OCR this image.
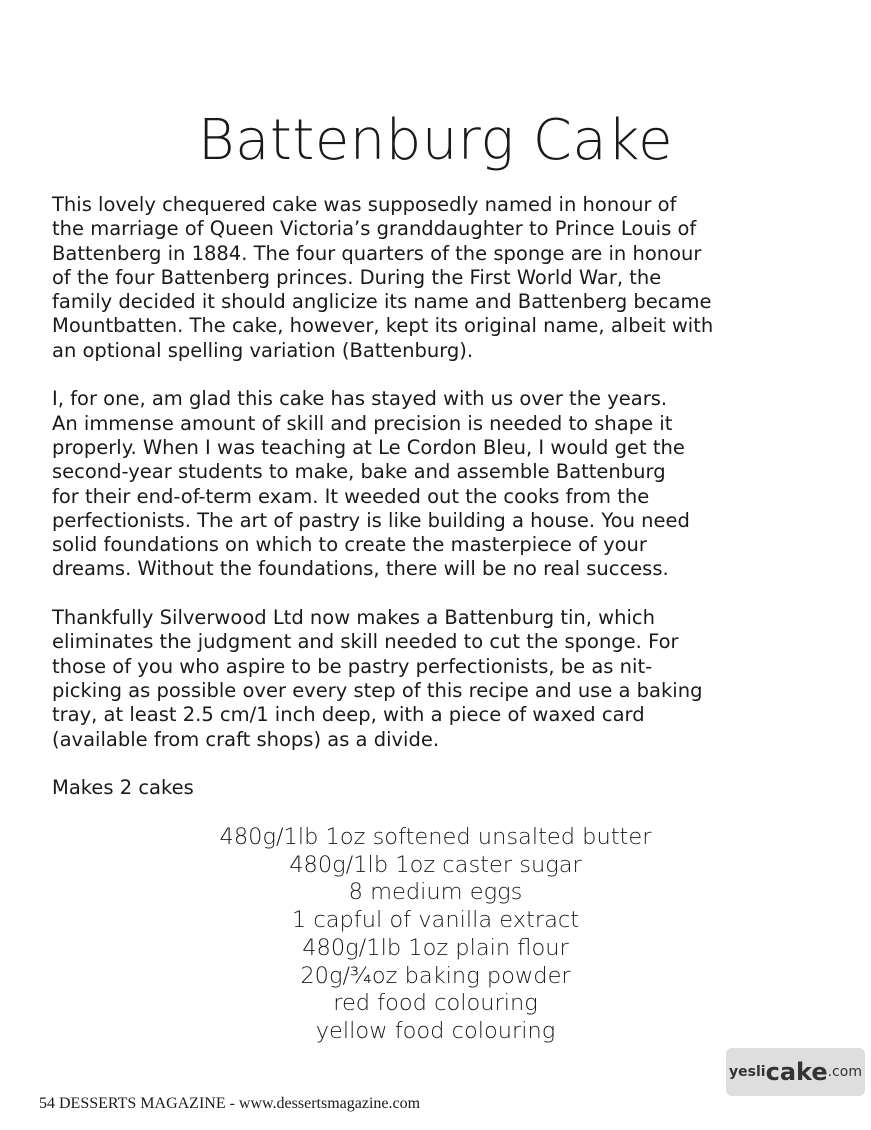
Battenburg Cake

This lovely chequered cake was supposedly named in honour of
the marriage of Queen Victoria’s granddaughter to Prince Louis of
Battenberg in 1884. The four quarters of the sponge are in honour
of the four Battenberg princes. During the First World War, the
family decided it should anglicize its name and Battenberg became
Mountbatten. The cake, however, kept its original name, albeit with
an optional spelling variation (Battenburg).

I, for one, am glad this cake has stayed with us over the years.
An immense amount of skill and precision is needed to shape it
properly. When I was teaching at Le Cordon Bleu, I would get the
second-year students to make, bake and assemble Battenburg
for their end-of-term exam. It weeded out the cooks from the
perfectionists. The art of pastry is like building a house. You need
solid foundations on which to create the masterpiece of your
dreams. Without the foundations, there will be no real success.

Thankfully Silverwood Ltd now makes a Battenburg tin, which
eliminates the judgment and skill needed to cut the sponge. For
those of you who aspire to be pastry perfectionists, be as nit-
picking as possible over every step of this recipe and use a baking
tray, at least 2.5 cm/1 inch deep, with a piece of waxed card
(available from craft shops) as a divide.

Makes 2 cakes

480g/1lb 1oz softened unsalted butter
480g/1lb 1oz caster sugar
8 medium eggs
1 capful of vanilla extract
480g/1lb 1oz plain flour
20g/¾oz baking powder
red food colouring
yellow food colouring
yesli cake .com
54 DESSERTS MAGAZINE - www.dessertsmagazine.com
